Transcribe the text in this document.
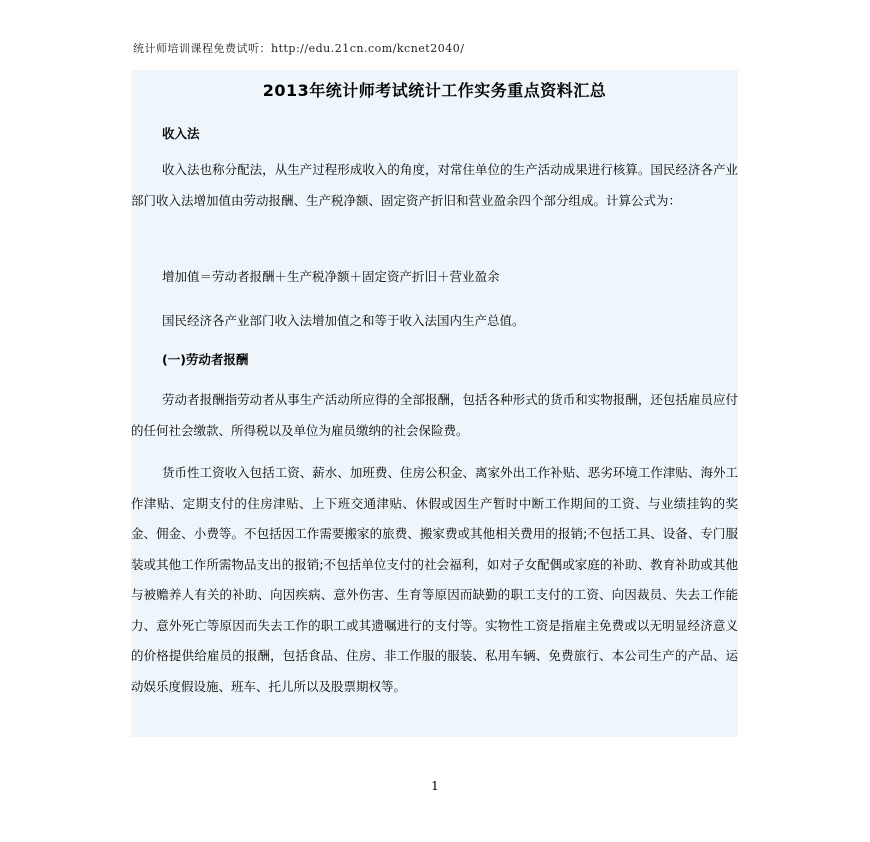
统计师培训课程免费试听：http://edu.21cn.com/kcnet2040/
2013年统计师考试统计工作实务重点资料汇总
收入法
收入法也称分配法，从生产过程形成收入的角度，对常住单位的生产活动成果进行核算。国民经济各产业部门收入法增加值由劳动报酬、生产税净额、固定资产折旧和营业盈余四个部分组成。计算公式为：
增加值＝劳动者报酬＋生产税净额＋固定资产折旧＋营业盈余
国民经济各产业部门收入法增加值之和等于收入法国内生产总值。
(一)劳动者报酬
劳动者报酬指劳动者从事生产活动所应得的全部报酬，包括各种形式的货币和实物报酬，还包括雇员应付的任何社会缴款、所得税以及单位为雇员缴纳的社会保险费。
货币性工资收入包括工资、薪水、加班费、住房公积金、离家外出工作补贴、恶劣环境工作津贴、海外工作津贴、定期支付的住房津贴、上下班交通津贴、休假或因生产暂时中断工作期间的工资、与业绩挂钩的奖金、佣金、小费等。不包括因工作需要搬家的旅费、搬家费或其他相关费用的报销;不包括工具、设备、专门服装或其他工作所需物品支出的报销;不包括单位支付的社会福利，如对子女配偶或家庭的补助、教育补助或其他与被赡养人有关的补助、向因疾病、意外伤害、生育等原因而缺勤的职工支付的工资、向因裁员、失去工作能力、意外死亡等原因而失去工作的职工或其遗嘱进行的支付等。实物性工资是指雇主免费或以无明显经济意义的价格提供给雇员的报酬，包括食品、住房、非工作服的服装、私用车辆、免费旅行、本公司生产的产品、运动娱乐度假设施、班车、托儿所以及股票期权等。
1
